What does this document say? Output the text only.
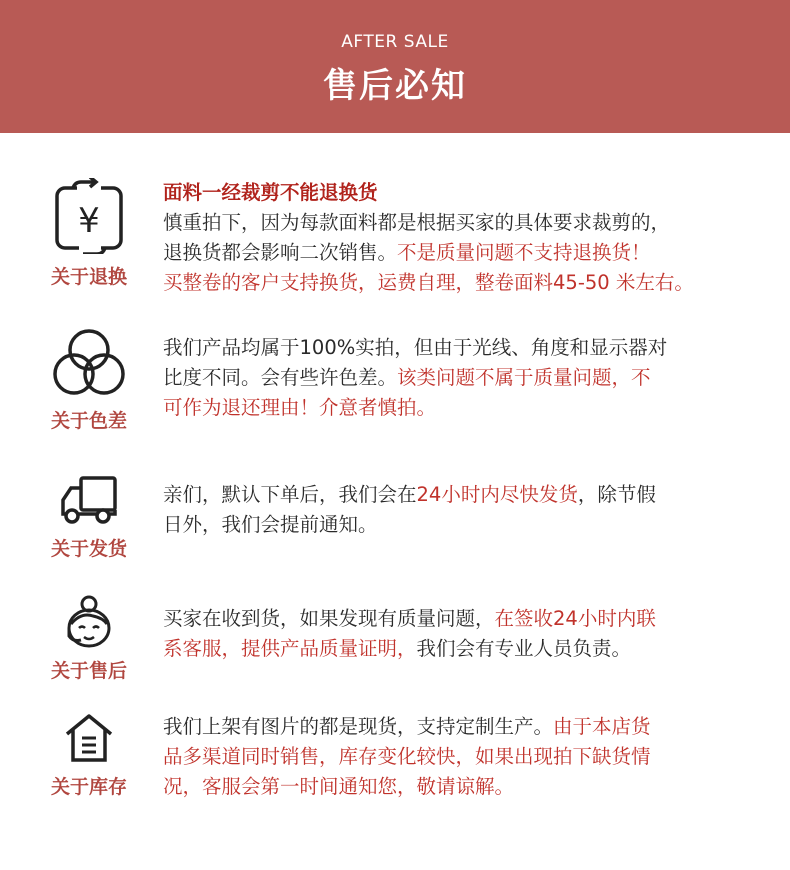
AFTER SALE
售后必知
¥
关于退换
面料一经裁剪不能退换货
慎重拍下，因为每款面料都是根据买家的具体要求裁剪的，
退换货都会影响二次销售。不是质量问题不支持退换货！
买整卷的客户支持换货，运费自理，整卷面料45-50 米左右。
关于色差
我们产品均属于100%实拍，但由于光线、角度和显示器对
比度不同。会有些许色差。该类问题不属于质量问题，不
可作为退还理由！介意者慎拍。
关于发货
亲们，默认下单后，我们会在24小时内尽快发货，除节假
日外，我们会提前通知。
关于售后
买家在收到货，如果发现有质量问题，在签收24小时内联
系客服，提供产品质量证明，我们会有专业人员负责。
关于库存
我们上架有图片的都是现货，支持定制生产。由于本店货
品多渠道同时销售，库存变化较快，如果出现拍下缺货情
况，客服会第一时间通知您，敬请谅解。
